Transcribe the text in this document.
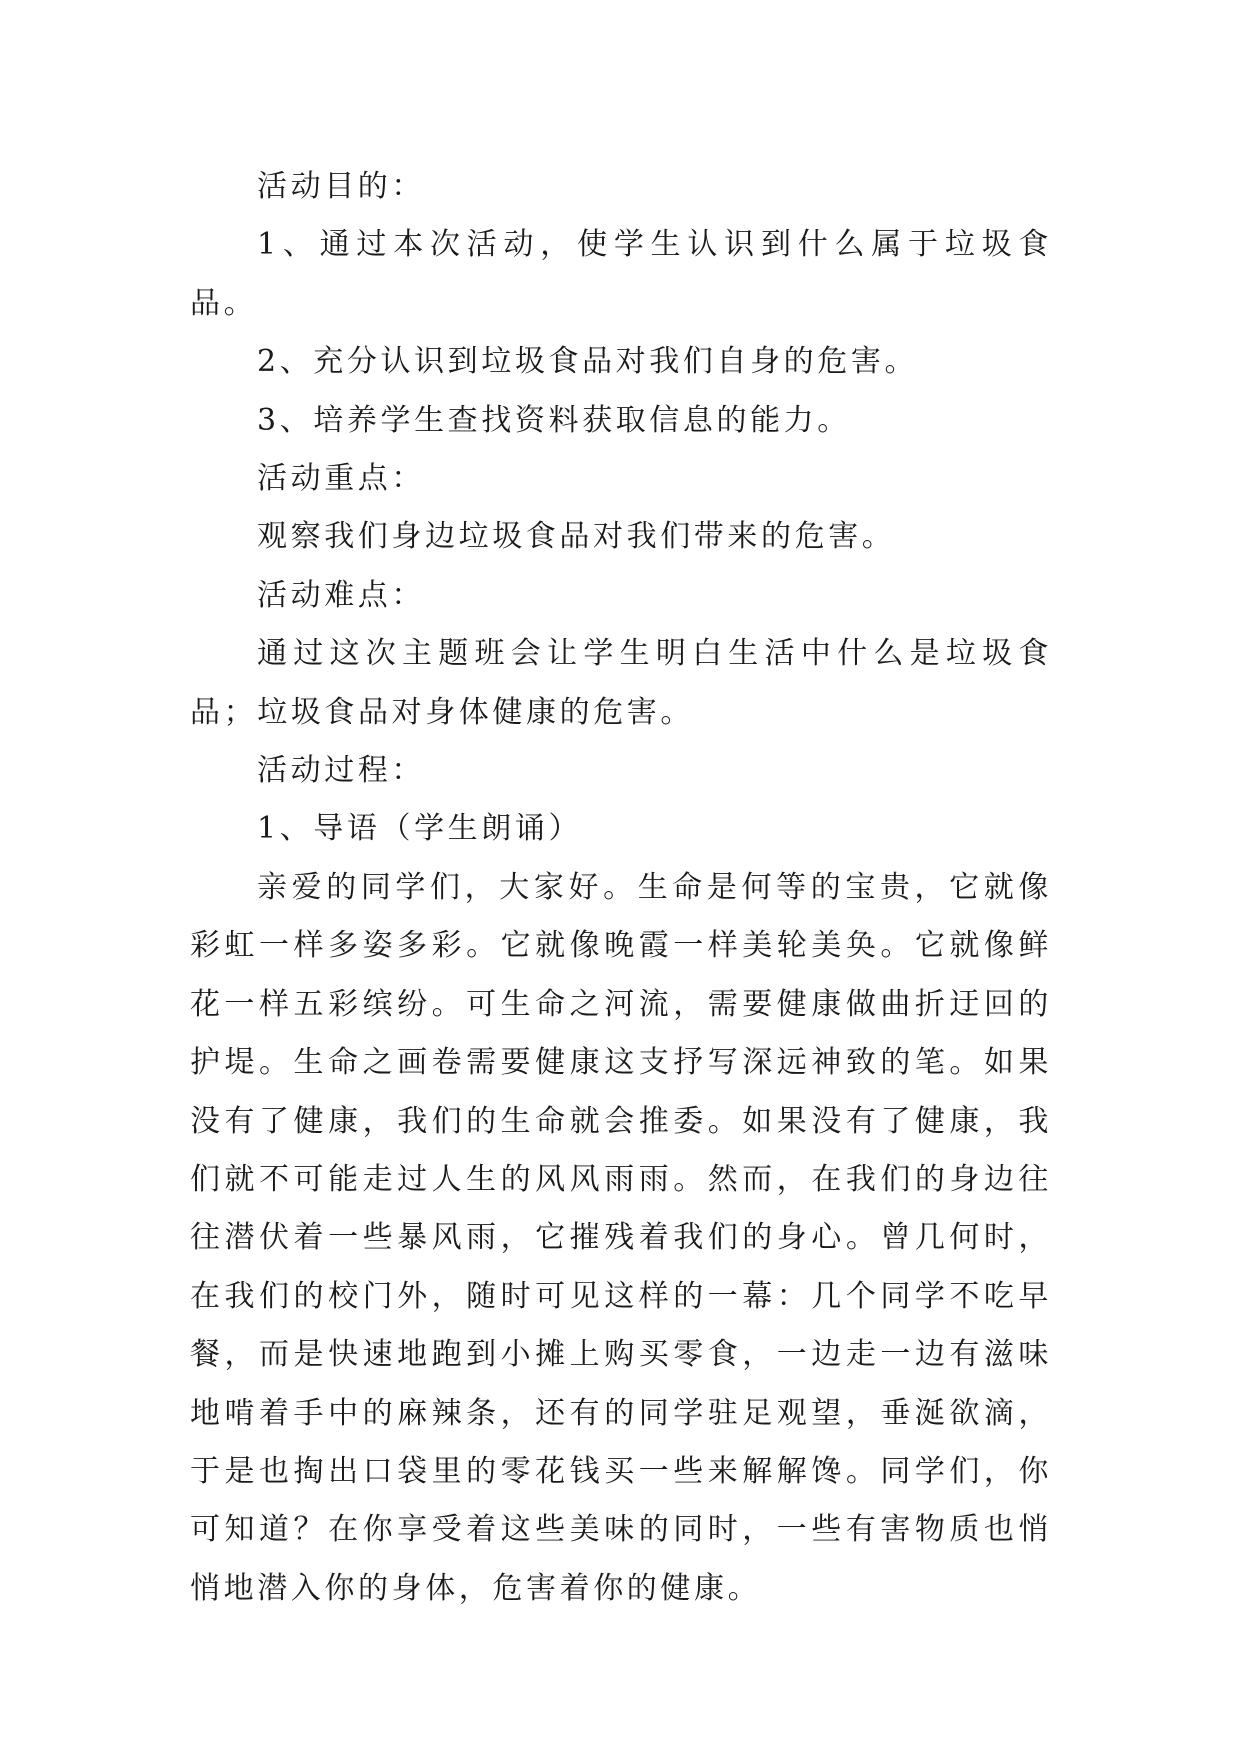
活动目的：

1、通过本次活动，使学生认识到什么属于垃圾食品。

2、充分认识到垃圾食品对我们自身的危害。

3、培养学生查找资料获取信息的能力。

活动重点：

观察我们身边垃圾食品对我们带来的危害。

活动难点：

通过这次主题班会让学生明白生活中什么是垃圾食品；垃圾食品对身体健康的危害。

活动过程：

1、导语（学生朗诵）

亲爱的同学们，大家好。生命是何等的宝贵，它就像彩虹一样多姿多彩。它就像晚霞一样美轮美奂。它就像鲜花一样五彩缤纷。可生命之河流，需要健康做曲折迂回的护堤。生命之画卷需要健康这支抒写深远神致的笔。如果没有了健康，我们的生命就会推委。如果没有了健康，我们就不可能走过人生的风风雨雨。然而，在我们的身边往往潜伏着一些暴风雨，它摧残着我们的身心。曾几何时，在我们的校门外，随时可见这样的一幕：几个同学不吃早餐，而是快速地跑到小摊上购买零食，一边走一边有滋味地啃着手中的麻辣条，还有的同学驻足观望，垂涎欲滴，于是也掏出口袋里的零花钱买一些来解解馋。同学们，你可知道？在你享受着这些美味的同时，一些有害物质也悄悄地潜入你的身体，危害着你的健康。
